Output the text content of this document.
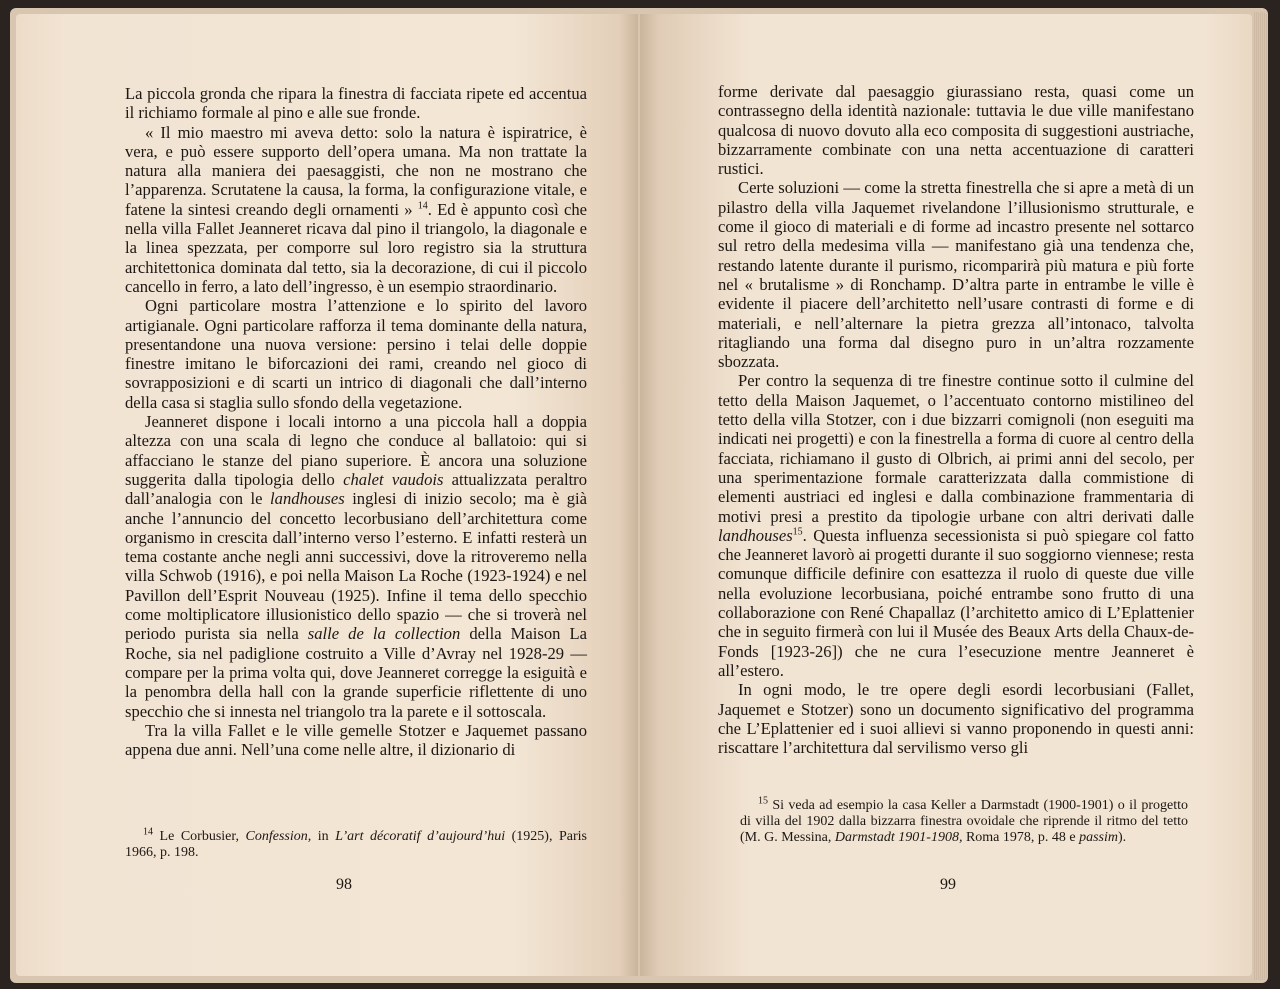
La piccola gronda che ripara la finestra di facciata ripete ed accentua il richiamo formale al pino e alle sue fronde.

« Il mio maestro mi aveva detto: solo la natura è ispiratrice, è vera, e può essere supporto dell’opera umana. Ma non trattate la natura alla maniera dei paesaggisti, che non ne mostrano che l’apparenza. Scrutatene la causa, la forma, la configurazione vitale, e fatene la sintesi creando degli ornamenti » $^{14}$. Ed è appunto così che nella villa Fallet Jeanneret ricava dal pino il triangolo, la diagonale e la linea spezzata, per comporre sul loro registro sia la struttura architettonica dominata dal tetto, sia la decorazione, di cui il piccolo cancello in ferro, a lato dell’ingresso, è un esempio straordinario.

Ogni particolare mostra l’attenzione e lo spirito del lavoro artigianale. Ogni particolare rafforza il tema dominante della natura, presentandone una nuova versione: persino i telai delle doppie finestre imitano le biforcazioni dei rami, creando nel gioco di sovrapposizioni e di scarti un intrico di diagonali che dall’interno della casa si staglia sullo sfondo della vegetazione.

Jeanneret dispone i locali intorno a una piccola hall a doppia altezza con una scala di legno che conduce al ballatoio: qui si affacciano le stanze del piano superiore. È ancora una soluzione suggerita dalla tipologia dello chalet vaudois attualizzata peraltro dall’analogia con le landhouses inglesi di inizio secolo; ma è già anche l’annuncio del concetto lecorbusiano dell’architettura come organismo in crescita dall’interno verso l’esterno. E infatti resterà un tema costante anche negli anni successivi, dove la ritroveremo nella villa Schwob (1916), e poi nella Maison La Roche (1923-1924) e nel Pavillon dell’Esprit Nouveau (1925). Infine il tema dello specchio come moltiplicatore illusionistico dello spazio — che si troverà nel periodo purista sia nella salle de la collection della Maison La Roche, sia nel padiglione costruito a Ville d’Avray nel 1928-29 — compare per la prima volta qui, dove Jeanneret corregge la esiguità e la penombra della hall con la grande superficie riflettente di uno specchio che si innesta nel triangolo tra la parete e il sottoscala.

Tra la villa Fallet e le ville gemelle Stotzer e Jaquemet passano appena due anni. Nell’una come nelle altre, il dizionario di

$^{14}$ Le Corbusier, Confession, in L’art décoratif d’aujourd’hui (1925), Paris 1966, p. 198.

98

forme derivate dal paesaggio giurassiano resta, quasi come un contrassegno della identità nazionale: tuttavia le due ville manifestano qualcosa di nuovo dovuto alla eco composita di suggestioni austriache, bizzarramente combinate con una netta accentuazione di caratteri rustici.

Certe soluzioni — come la stretta finestrella che si apre a metà di un pilastro della villa Jaquemet rivelandone l’illusionismo strutturale, e come il gioco di materiali e di forme ad incastro presente nel sottarco sul retro della medesima villa — manifestano già una tendenza che, restando latente durante il purismo, ricomparirà più matura e più forte nel « brutalisme » di Ronchamp. D’altra parte in entrambe le ville è evidente il piacere dell’architetto nell’usare contrasti di forme e di materiali, e nell’alternare la pietra grezza all’intonaco, talvolta ritagliando una forma dal disegno puro in un’altra rozzamente sbozzata.

Per contro la sequenza di tre finestre continue sotto il culmine del tetto della Maison Jaquemet, o l’accentuato contorno mistilineo del tetto della villa Stotzer, con i due bizzarri comignoli (non eseguiti ma indicati nei progetti) e con la finestrella a forma di cuore al centro della facciata, richiamano il gusto di Olbrich, ai primi anni del secolo, per una sperimentazione formale caratterizzata dalla commistione di elementi austriaci ed inglesi e dalla combinazione frammentaria di motivi presi a prestito da tipologie urbane con altri derivati dalle landhouses$^{15}$. Questa influenza secessionista si può spiegare col fatto che Jeanneret lavorò ai progetti durante il suo soggiorno viennese; resta comunque difficile definire con esattezza il ruolo di queste due ville nella evoluzione lecorbusiana, poiché entrambe sono frutto di una collaborazione con René Chapallaz (l’architetto amico di L’Eplattenier che in seguito firmerà con lui il Musée des Beaux Arts della Chaux-de-Fonds [1923-26]) che ne cura l’esecuzione mentre Jeanneret è all’estero.

In ogni modo, le tre opere degli esordi lecorbusiani (Fallet, Jaquemet e Stotzer) sono un documento significativo del programma che L’Eplattenier ed i suoi allievi si vanno proponendo in questi anni: riscattare l’architettura dal servilismo verso gli

$^{15}$ Si veda ad esempio la casa Keller a Darmstadt (1900-1901) o il progetto di villa del 1902 dalla bizzarra finestra ovoidale che riprende il ritmo del tetto (M. G. Messina, Darmstadt 1901-1908, Roma 1978, p. 48 e passim).

99
